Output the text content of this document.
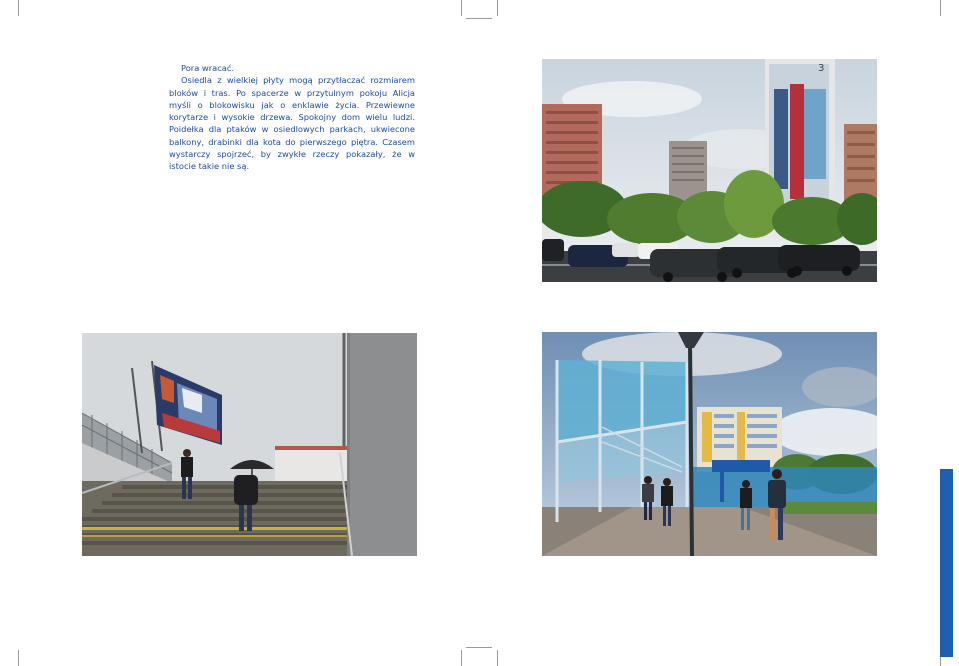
Pora wracać.

Osiedla z wielkiej płyty mogą przytłaczać rozmiarem bloków i tras. Po spacerze w przytulnym pokoju Alicja myśli o blokowisku jak o enklawie życia. Przewiewne korytarze i wysokie drzewa. Spokojny dom wielu ludzi. Poidełka dla ptaków w osiedlowych parkach, ukwiecone balkony, drabinki dla kota do pierwszego piętra. Czasem wystarczy spojrzeć, by zwykłe rzeczy pokazały, że w istocie takie nie są.

3
